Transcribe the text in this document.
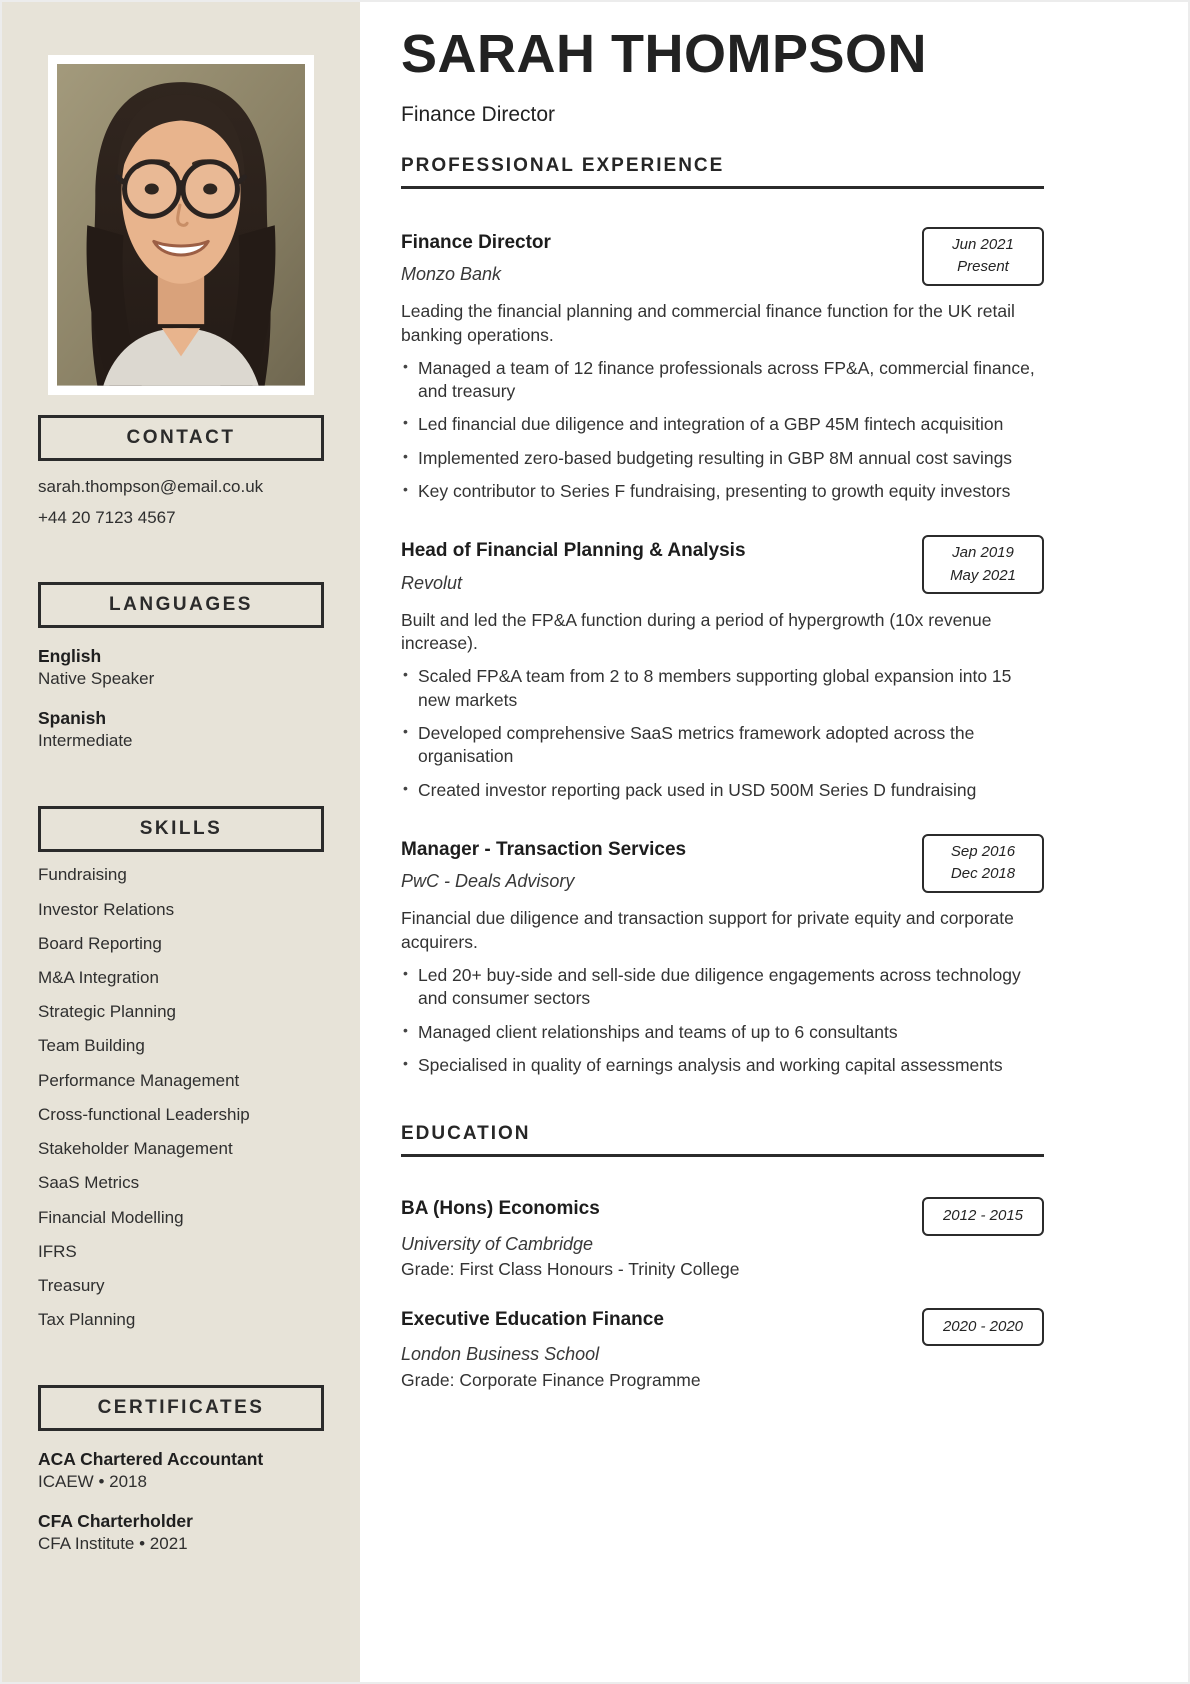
CONTACT
sarah.thompson@email.co.uk
+44 20 7123 4567
LANGUAGES
English
Native Speaker
Spanish
Intermediate
SKILLS
Fundraising
Investor Relations
Board Reporting
M&A Integration
Strategic Planning
Team Building
Performance Management
Cross-functional Leadership
Stakeholder Management
SaaS Metrics
Financial Modelling
IFRS
Treasury
Tax Planning
CERTIFICATES
ACA Chartered Accountant
ICAEW • 2018
CFA Charterholder
CFA Institute • 2021
SARAH THOMPSON
Finance Director
PROFESSIONAL EXPERIENCE
Jun 2021
Present
Finance Director
Monzo Bank

Leading the financial planning and commercial finance function for the UK retail banking operations.

• Managed a team of 12 finance professionals across FP&A, commercial finance, and treasury
• Led financial due diligence and integration of a GBP 45M fintech acquisition
• Implemented zero-based budgeting resulting in GBP 8M annual cost savings
• Key contributor to Series F fundraising, presenting to growth equity investors
Jan 2019
May 2021
Head of Financial Planning & Analysis
Revolut

Built and led the FP&A function during a period of hypergrowth (10x revenue increase).

• Scaled FP&A team from 2 to 8 members supporting global expansion into 15 new markets
• Developed comprehensive SaaS metrics framework adopted across the organisation
• Created investor reporting pack used in USD 500M Series D fundraising
Sep 2016
Dec 2018
Manager - Transaction Services
PwC - Deals Advisory

Financial due diligence and transaction support for private equity and corporate acquirers.

• Led 20+ buy-side and sell-side due diligence engagements across technology and consumer sectors
• Managed client relationships and teams of up to 6 consultants
• Specialised in quality of earnings analysis and working capital assessments
EDUCATION
2012 - 2015
BA (Hons) Economics
University of Cambridge
Grade: First Class Honours - Trinity College
2020 - 2020
Executive Education Finance
London Business School
Grade: Corporate Finance Programme
